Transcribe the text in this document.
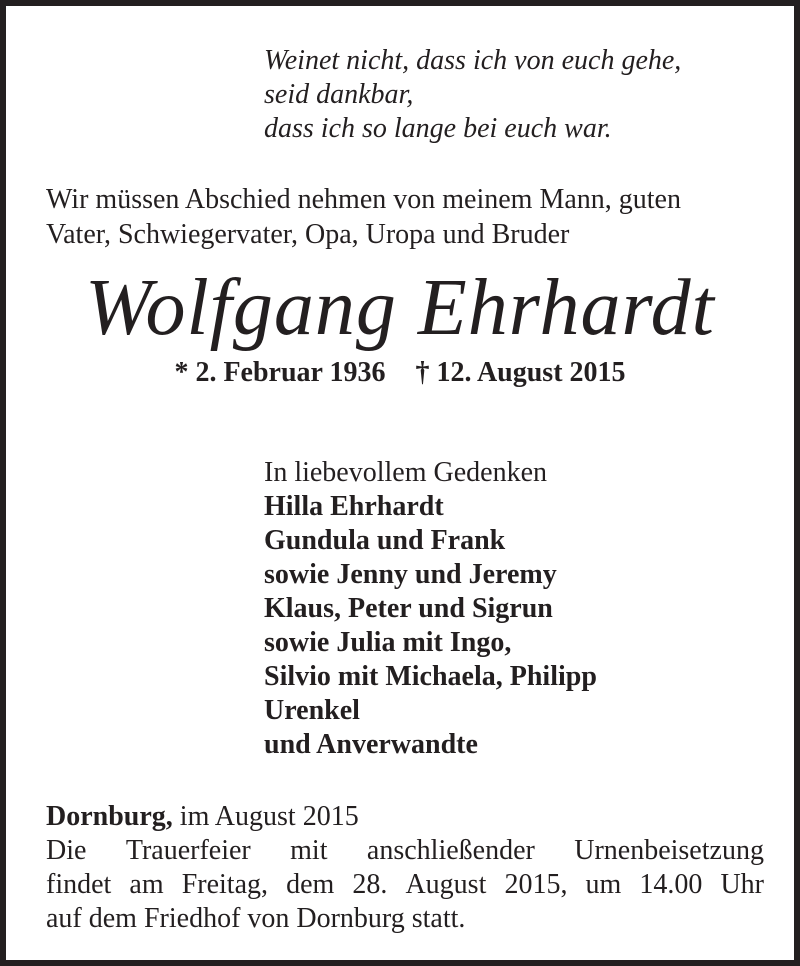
Weinet nicht, dass ich von euch gehe,
seid dankbar,
dass ich so lange bei euch war.
Wir müssen Abschied nehmen von meinem Mann, guten
Vater, Schwiegervater, Opa, Uropa und Bruder
Wolfgang Ehrhardt
* 2. Februar 1936 † 12. August 2015
In liebevollem Gedenken
Hilla Ehrhardt
Gundula und Frank
sowie Jenny und Jeremy
Klaus, Peter und Sigrun
sowie Julia mit Ingo,
Silvio mit Michaela, Philipp
Urenkel
und Anverwandte
Dornburg, im August 2015
Die Trauerfeier mit anschließender Urnenbeisetzung
findet am Freitag, dem 28. August 2015, um 14.00 Uhr
auf dem Friedhof von Dornburg statt.
